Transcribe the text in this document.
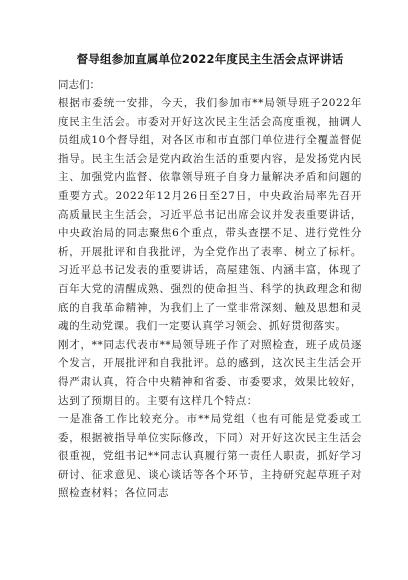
督导组参加直属单位2022年度民主生活会点评讲话

同志们：

根据市委统一安排，今天，我们参加市**局领导班子2022年度民主生活会。市委对开好这次民主生活会高度重视，抽调人员组成10个督导组，对各区市和市直部门单位进行全覆盖督促指导。民主生活会是党内政治生活的重要内容，是发扬党内民主、加强党内监督、依靠领导班子自身力量解决矛盾和问题的重要方式。2022年12月26日至27日，中央政治局率先召开高质量民主生活会，习近平总书记出席会议并发表重要讲话，中央政治局的同志聚焦6个重点，带头查摆不足、进行党性分析，开展批评和自我批评，为全党作出了表率、树立了标杆。习近平总书记发表的重要讲话，高屋建瓴、内涵丰富，体现了百年大党的清醒成熟、强烈的使命担当、科学的执政理念和彻底的自我革命精神，为我们上了一堂非常深刻、触及思想和灵魂的生动党课。我们一定要认真学习领会、抓好贯彻落实。

刚才，**同志代表市**局领导班子作了对照检查，班子成员逐个发言，开展批评和自我批评。总的感到，这次民主生活会开得严肃认真，符合中央精神和省委、市委要求，效果比较好，达到了预期目的。主要有这样几个特点：

一是准备工作比较充分。市**局党组（也有可能是党委或工委，根据被指导单位实际修改，下同）对开好这次民主生活会很重视，党组书记**同志认真履行第一责任人职责，抓好学习研讨、征求意见、谈心谈话等各个环节，主持研究起草班子对照检查材料；各位同志
